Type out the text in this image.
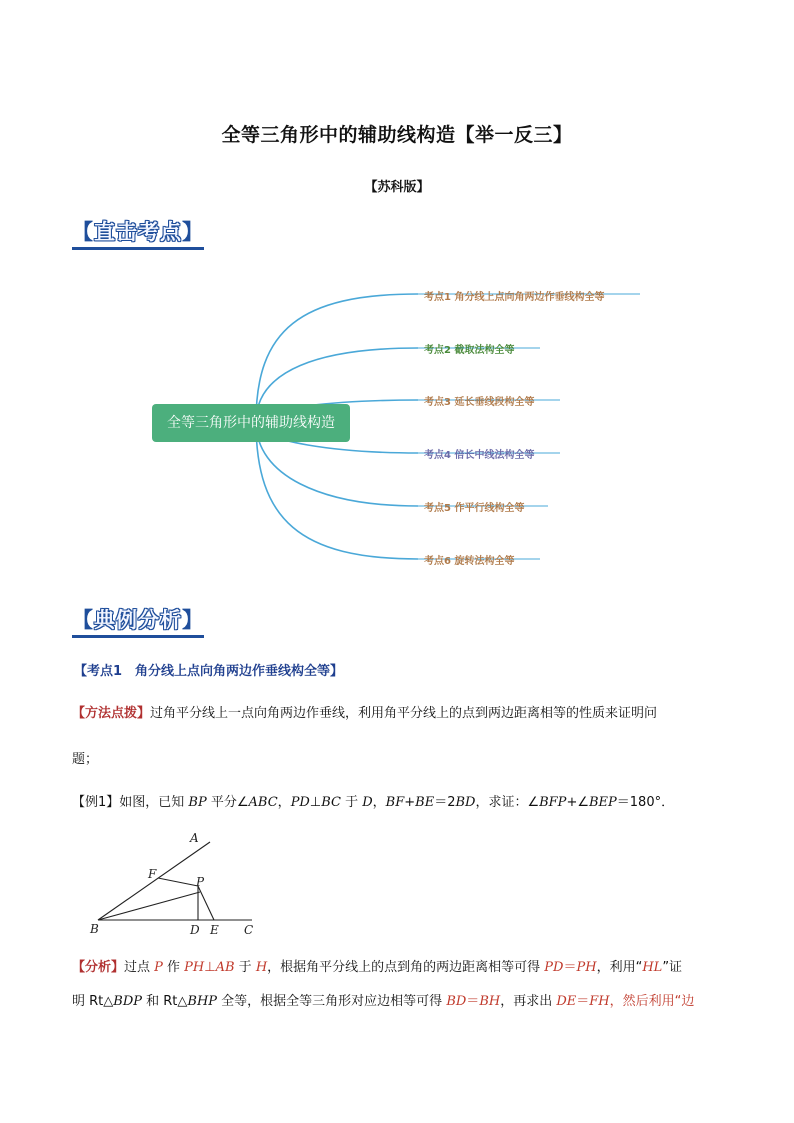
全等三角形中的辅助线构造【举一反三】
【苏科版】
【直击考点】
全等三角形中的辅助线构造
考点1 角分线上点向角两边作垂线构全等
考点2 截取法构全等
考点3 延长垂线段构全等
考点4 倍长中线法构全等
考点5 作平行线构全等
考点6 旋转法构全等
【典例分析】
【考点1　角分线上点向角两边作垂线构全等】
【方法点拨】过角平分线上一点向角两边作垂线，利用角平分线上的点到两边距离相等的性质来证明问
题；
【例1】如图，已知 BP 平分∠ABC，PD⊥BC 于 D，BF+BE＝2BD，求证：∠BFP+∠BEP＝180°．
A
F
P
B	D E C
【分析】过点 P 作 PH⊥AB 于 H，根据角平分线上的点到角的两边距离相等可得 PD＝PH，利用“HL”证
明 Rt△BDP 和 Rt△BHP 全等，根据全等三角形对应边相等可得 BD＝BH，再求出 DE＝FH，然后利用“边
